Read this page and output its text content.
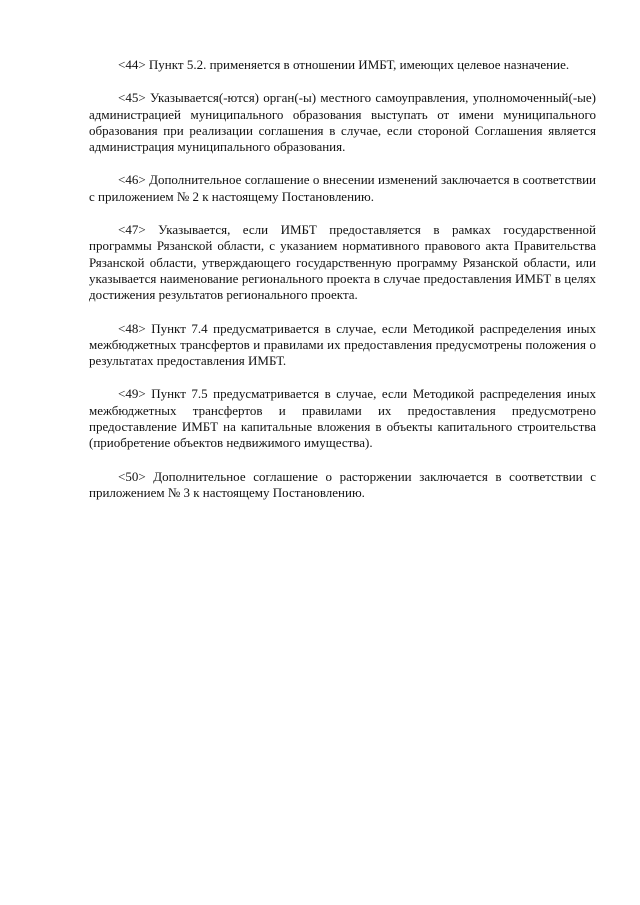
<44> Пункт 5.2. применяется в отношении ИМБТ, имеющих целевое назначение.

<45> Указывается(-ются) орган(-ы) местного самоуправления, уполномоченный(-ые) администрацией муниципального образования выступать от имени муниципального образования при реализации соглашения в случае, если стороной Соглашения является администрация муниципального образования.

<46> Дополнительное соглашение о внесении изменений заключается в соответствии с приложением № 2 к настоящему Постановлению.

<47> Указывается, если ИМБТ предоставляется в рамках государственной программы Рязанской области, с указанием нормативного правового акта Правительства Рязанской области, утверждающего государственную программу Рязанской области, или указывается наименование регионального проекта в случае предоставления ИМБТ в целях достижения результатов регионального проекта.

<48> Пункт 7.4 предусматривается в случае, если Методикой распределения иных межбюджетных трансфертов и правилами их предоставления предусмотрены положения о результатах предоставления ИМБТ.

<49> Пункт 7.5 предусматривается в случае, если Методикой распределения иных межбюджетных трансфертов и правилами их предоставления предусмотрено предоставление ИМБТ на капитальные вложения в объекты капитального строительства (приобретение объектов недвижимого имущества).

<50> Дополнительное соглашение о расторжении заключается в соответствии с приложением № 3 к настоящему Постановлению.
